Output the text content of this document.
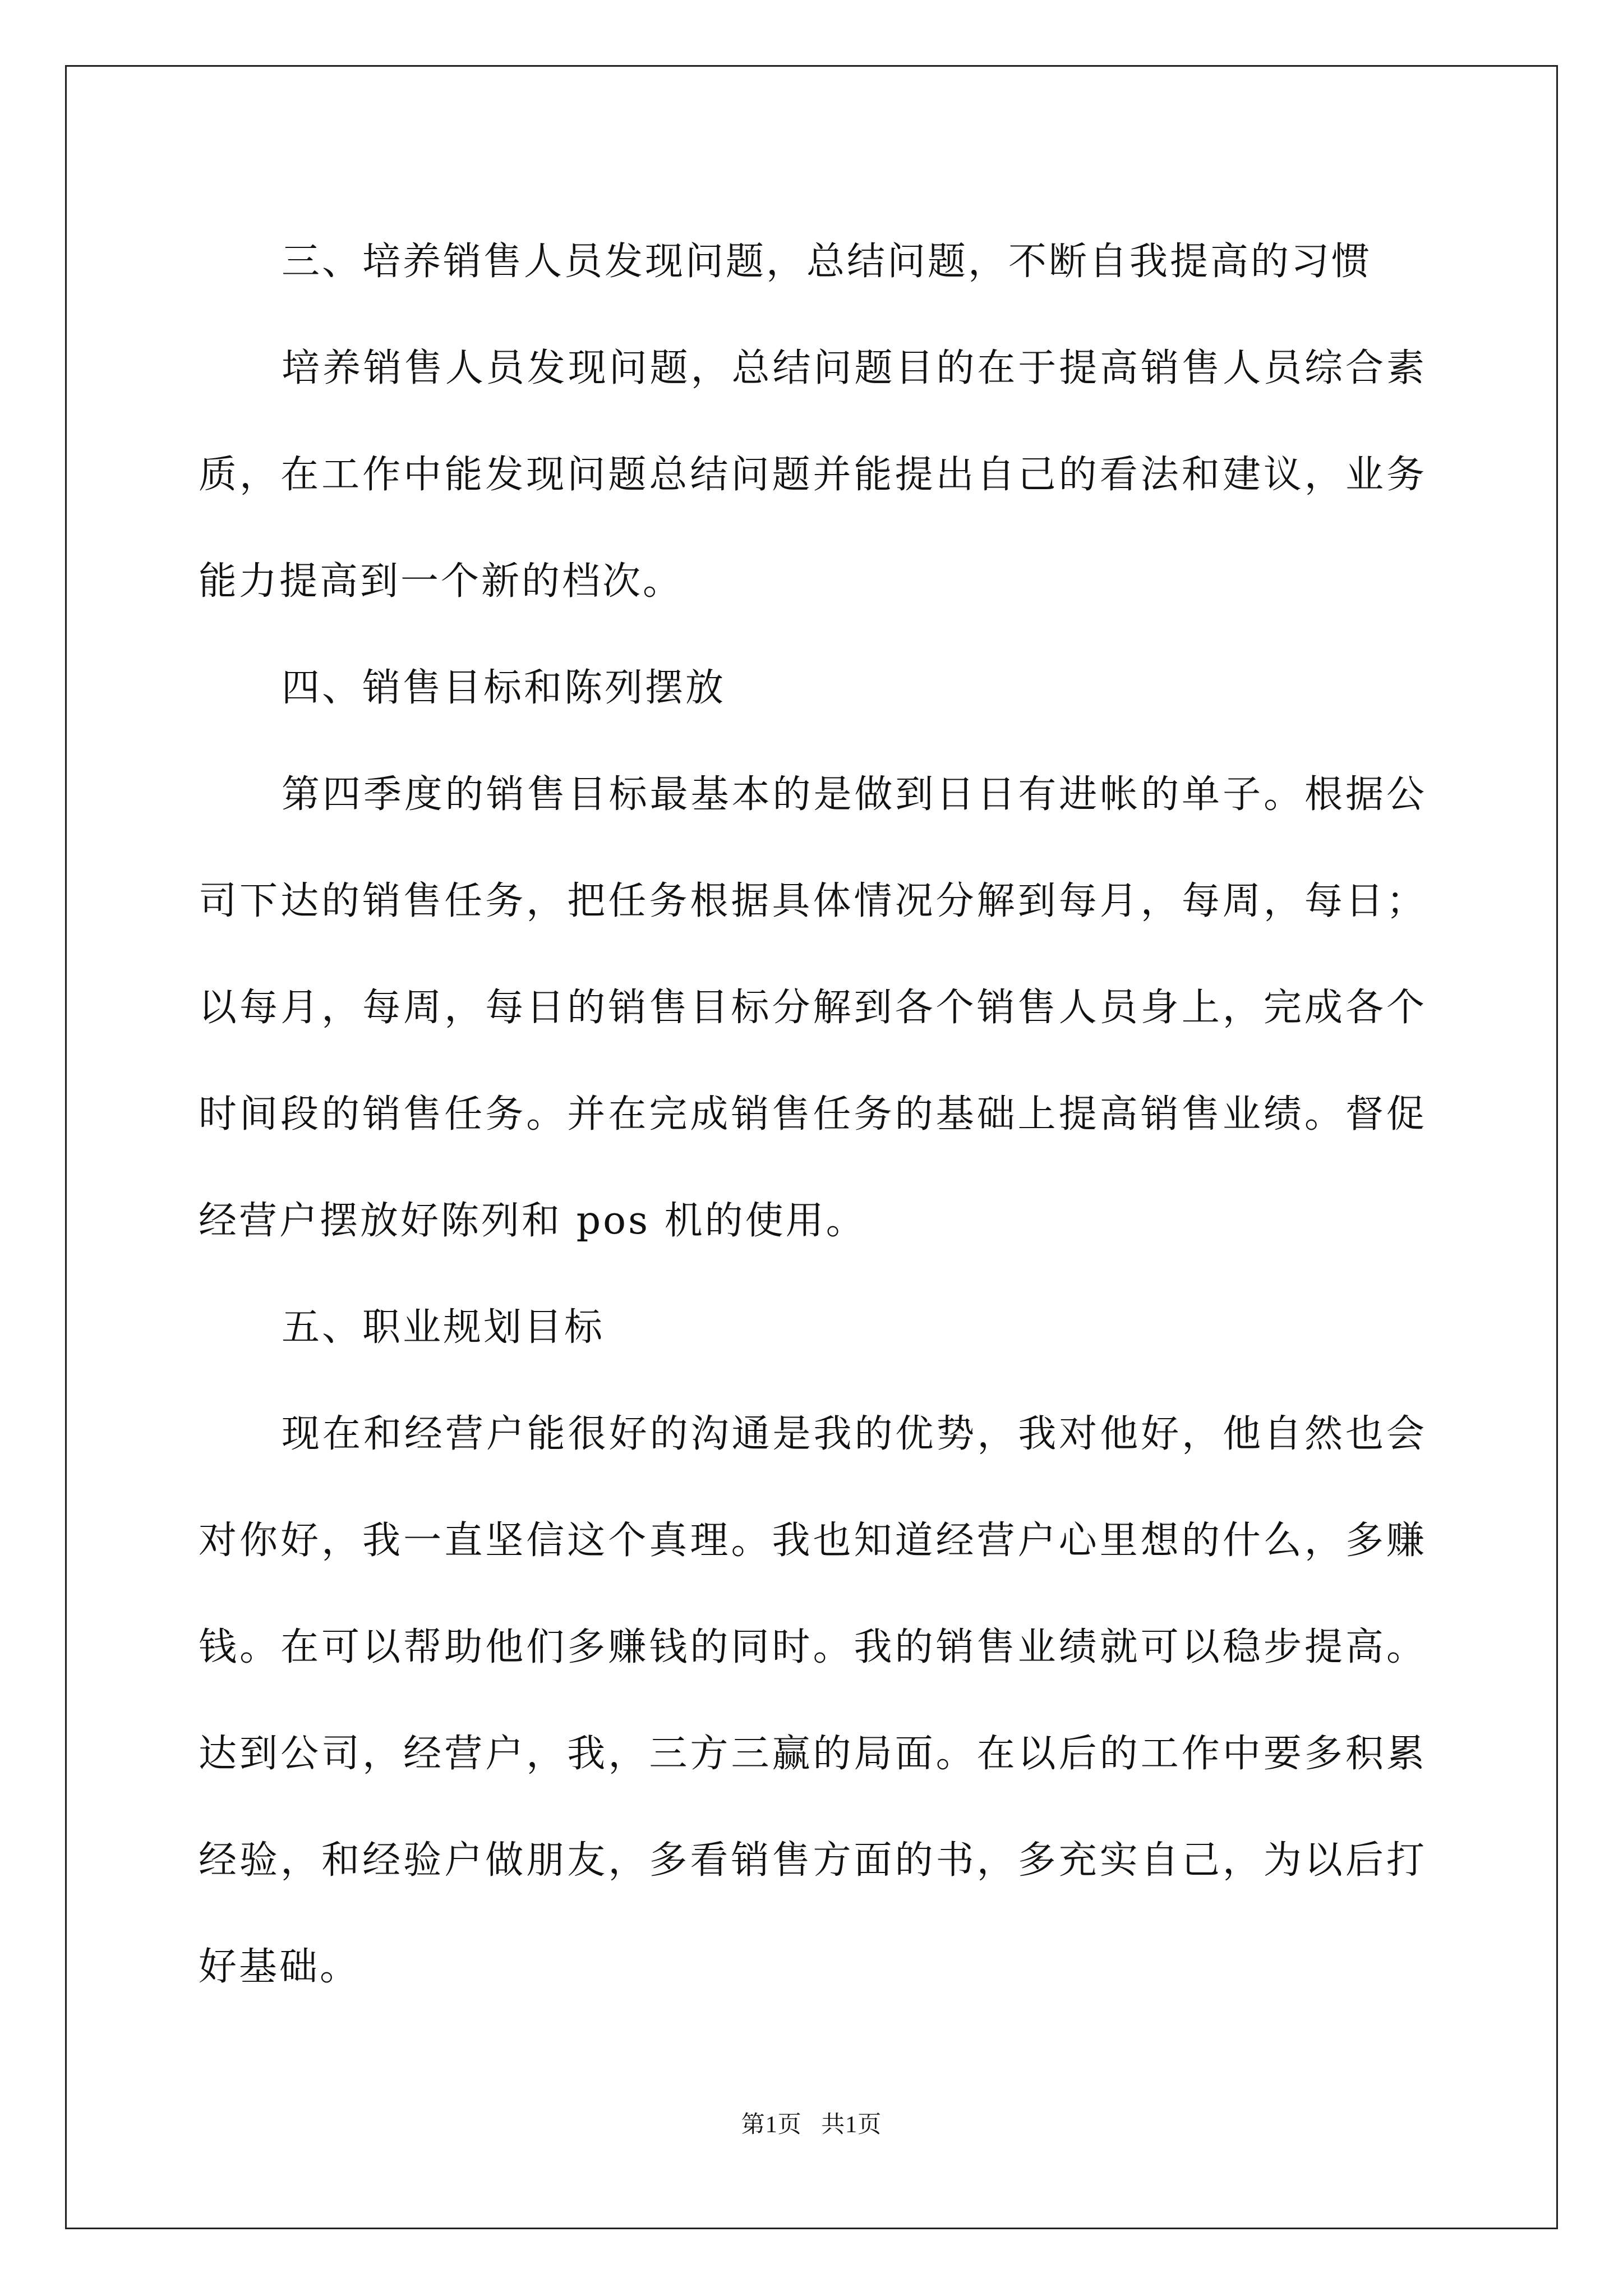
三、培养销售人员发现问题，总结问题，不断自我提高的习惯

培养销售人员发现问题，总结问题目的在于提高销售人员综合素质，在工作中能发现问题总结问题并能提出自己的看法和建议，业务能力提高到一个新的档次。

四、销售目标和陈列摆放

第四季度的销售目标最基本的是做到日日有进帐的单子。根据公司下达的销售任务，把任务根据具体情况分解到每月，每周，每日；以每月，每周，每日的销售目标分解到各个销售人员身上，完成各个时间段的销售任务。并在完成销售任务的基础上提高销售业绩。督促经营户摆放好陈列和 pos 机的使用。

五、职业规划目标

现在和经营户能很好的沟通是我的优势，我对他好，他自然也会对你好，我一直坚信这个真理。我也知道经营户心里想的什么，多赚钱。在可以帮助他们多赚钱的同时。我的销售业绩就可以稳步提高。达到公司，经营户，我，三方三赢的局面。在以后的工作中要多积累经验，和经验户做朋友，多看销售方面的书，多充实自己，为以后打好基础。

第1页   共1页
